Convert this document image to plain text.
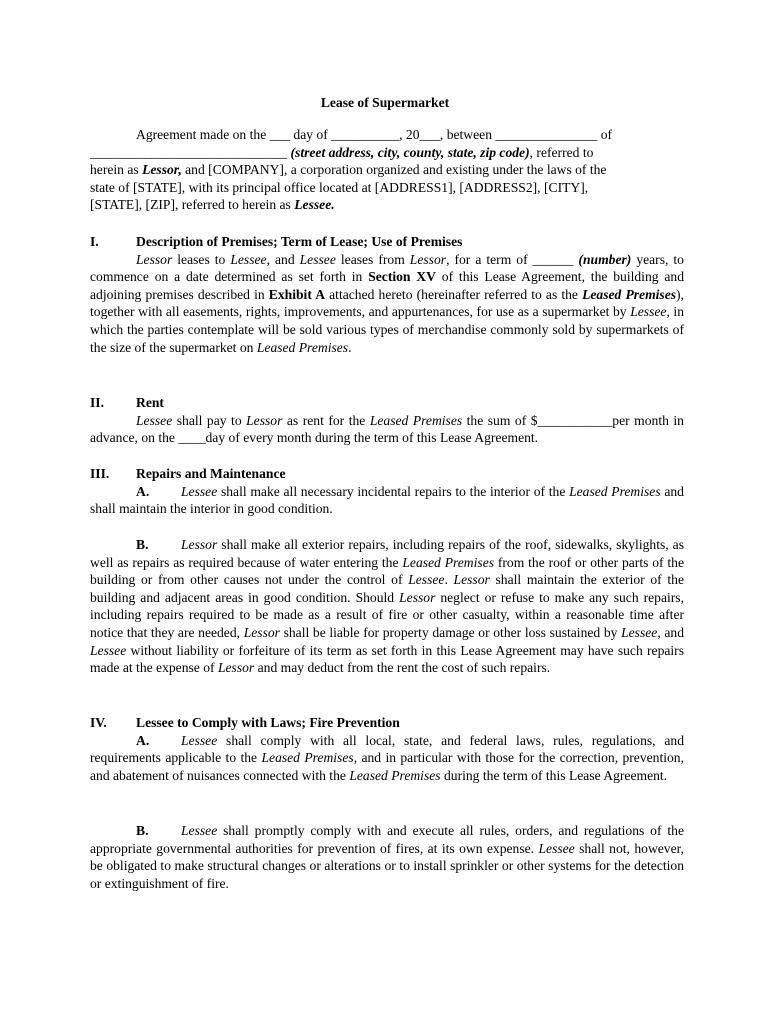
Lease of Supermarket
Agreement made on the ___ day of __________, 20___, between _______________ of
_____________________________ (street address, city, county, state, zip code), referred to
herein as Lessor, and [COMPANY], a corporation organized and existing under the laws of the
state of [STATE], with its principal office located at [ADDRESS1], [ADDRESS2], [CITY],
[STATE], [ZIP], referred to herein as Lessee.
I.	Description of Premises; Term of Lease; Use of Premises
Lessor leases to Lessee, and Lessee leases from Lessor, for a term of ______ (number) years, to commence on a date determined as set forth in Section XV of this Lease Agreement, the building and adjoining premises described in Exhibit A attached hereto (hereinafter referred to as the Leased Premises), together with all easements, rights, improvements, and appurtenances, for use as a supermarket by Lessee, in which the parties contemplate will be sold various types of merchandise commonly sold by supermarkets of the size of the supermarket on Leased Premises.
II. Rent
Lessee shall pay to Lessor as rent for the Leased Premises the sum of $___________per month in advance, on the ____day of every month during the term of this Lease Agreement.
III. Repairs and Maintenance
A. Lessee shall make all necessary incidental repairs to the interior of the Leased Premises and shall maintain the interior in good condition.
B. Lessor shall make all exterior repairs, including repairs of the roof, sidewalks, skylights, as well as repairs as required because of water entering the Leased Premises from the roof or other parts of the building or from other causes not under the control of Lessee. Lessor shall maintain the exterior of the building and adjacent areas in good condition. Should Lessor neglect or refuse to make any such repairs, including repairs required to be made as a result of fire or other casualty, within a reasonable time after notice that they are needed, Lessor shall be liable for property damage or other loss sustained by Lessee, and Lessee without liability or forfeiture of its term as set forth in this Lease Agreement may have such repairs made at the expense of Lessor and may deduct from the rent the cost of such repairs.
IV. Lessee to Comply with Laws; Fire Prevention
A. Lessee shall comply with all local, state, and federal laws, rules, regulations, and requirements applicable to the Leased Premises, and in particular with those for the correction, prevention, and abatement of nuisances connected with the Leased Premises during the term of this Lease Agreement.
B. Lessee shall promptly comply with and execute all rules, orders, and regulations of the appropriate governmental authorities for prevention of fires, at its own expense. Lessee shall not, however, be obligated to make structural changes or alterations or to install sprinkler or other systems for the detection or extinguishment of fire.
